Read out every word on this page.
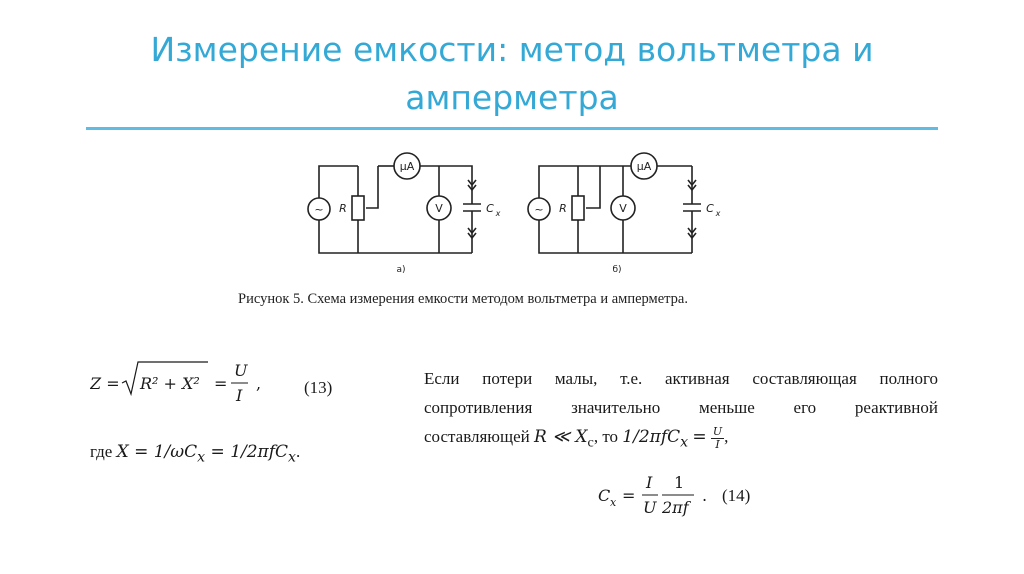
Измерение емкости: метод вольтметра и
амперметра
~
μA
V
R	C x	~
μA
V
R	C x
a)	б)
Рисунок 5. Схема измерения емкости методом вольтметра и амперметра.
Z = R² + X² =
U
I
,	(13)
где $X = 1/\omega C_x = 1/2\pi fC_x$.
Если потери малы, т.е. активная составляющая полного
сопротивления значительно меньше его реактивной
составляющей R ≪ $X_с$, то $1/2\pi fC_x = \frac{U}{I}$ ,
C x =
I
U
1
2πf
. (14)
